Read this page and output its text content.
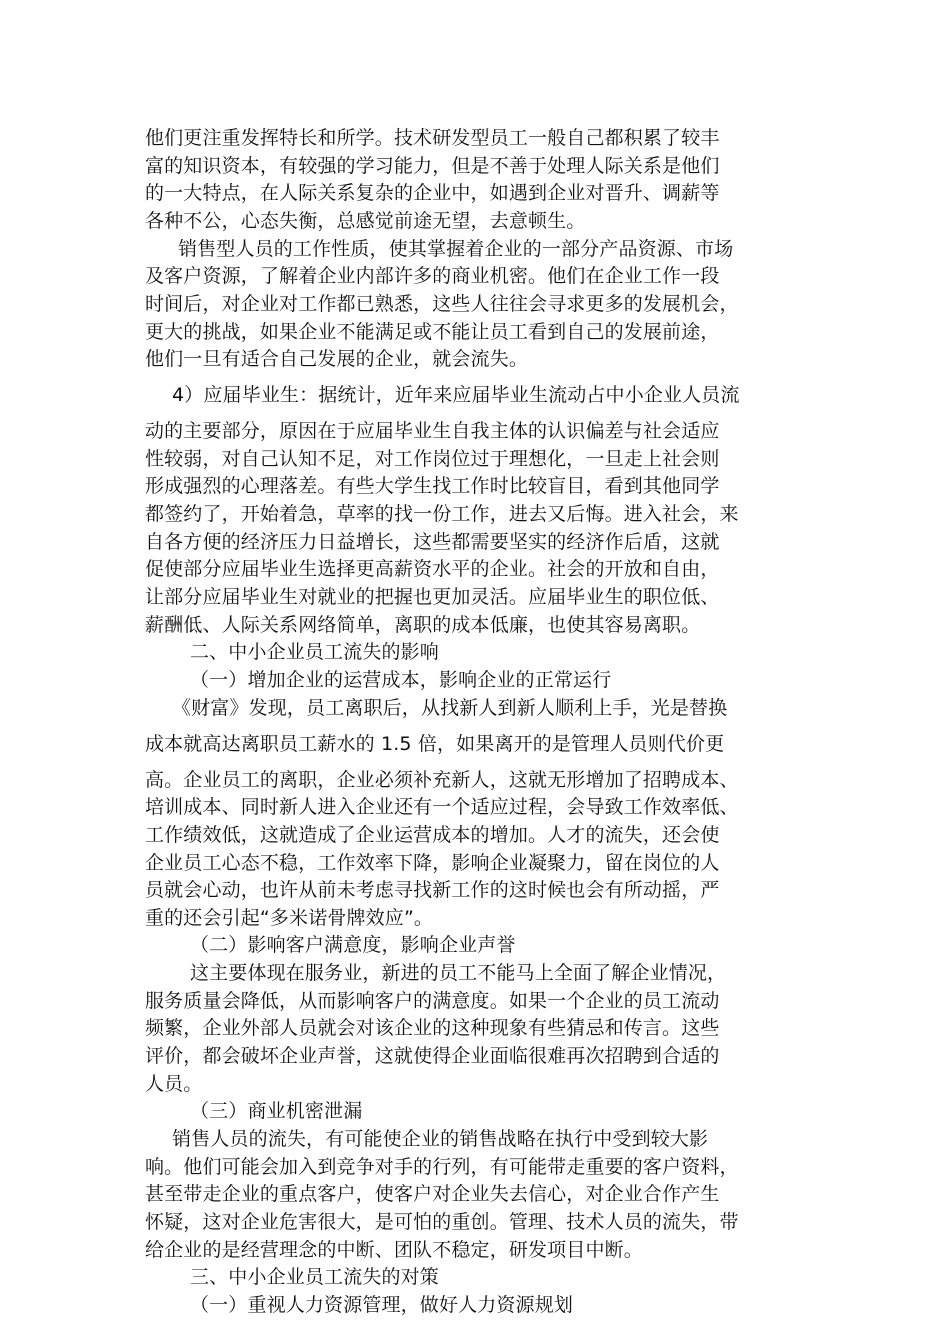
他们更注重发挥特长和所学。技术研发型员工一般自己都积累了较丰
富的知识资本，有较强的学习能力，但是不善于处理人际关系是他们
的一大特点，在人际关系复杂的企业中，如遇到企业对晋升、调薪等
各种不公，心态失衡，总感觉前途无望，去意顿生。
销售型人员的工作性质，使其掌握着企业的一部分产品资源、市场
及客户资源，了解着企业内部许多的商业机密。他们在企业工作一段
时间后，对企业对工作都已熟悉，这些人往往会寻求更多的发展机会，
更大的挑战，如果企业不能满足或不能让员工看到自己的发展前途，
他们一旦有适合自己发展的企业，就会流失。
4）应届毕业生：据统计，近年来应届毕业生流动占中小企业人员流
动的主要部分，原因在于应届毕业生自我主体的认识偏差与社会适应
性较弱，对自己认知不足，对工作岗位过于理想化，一旦走上社会则
形成强烈的心理落差。有些大学生找工作时比较盲目，看到其他同学
都签约了，开始着急，草率的找一份工作，进去又后悔。进入社会，来
自各方便的经济压力日益增长，这些都需要坚实的经济作后盾，这就
促使部分应届毕业生选择更高薪资水平的企业。社会的开放和自由，
让部分应届毕业生对就业的把握也更加灵活。应届毕业生的职位低、
薪酬低、人际关系网络简单，离职的成本低廉，也使其容易离职。
二、中小企业员工流失的影响
（一）增加企业的运营成本，影响企业的正常运行
《财富》发现，员工离职后，从找新人到新人顺利上手，光是替换
成本就高达离职员工薪水的 1.5 倍，如果离开的是管理人员则代价更
高。企业员工的离职，企业必须补充新人，这就无形增加了招聘成本、
培训成本、同时新人进入企业还有一个适应过程，会导致工作效率低、
工作绩效低，这就造成了企业运营成本的增加。人才的流失，还会使
企业员工心态不稳，工作效率下降，影响企业凝聚力，留在岗位的人
员就会心动，也许从前未考虑寻找新工作的这时候也会有所动摇，严
重的还会引起“多米诺骨牌效应”。
（二）影响客户满意度，影响企业声誉
这主要体现在服务业，新进的员工不能马上全面了解企业情况，
服务质量会降低，从而影响客户的满意度。如果一个企业的员工流动
频繁，企业外部人员就会对该企业的这种现象有些猜忌和传言。这些
评价，都会破坏企业声誉，这就使得企业面临很难再次招聘到合适的
人员。
（三）商业机密泄漏
销售人员的流失，有可能使企业的销售战略在执行中受到较大影
响。他们可能会加入到竞争对手的行列，有可能带走重要的客户资料，
甚至带走企业的重点客户，使客户对企业失去信心，对企业合作产生
怀疑，这对企业危害很大，是可怕的重创。管理、技术人员的流失，带
给企业的是经营理念的中断、团队不稳定，研发项目中断。
三、中小企业员工流失的对策
（一）重视人力资源管理，做好人力资源规划
